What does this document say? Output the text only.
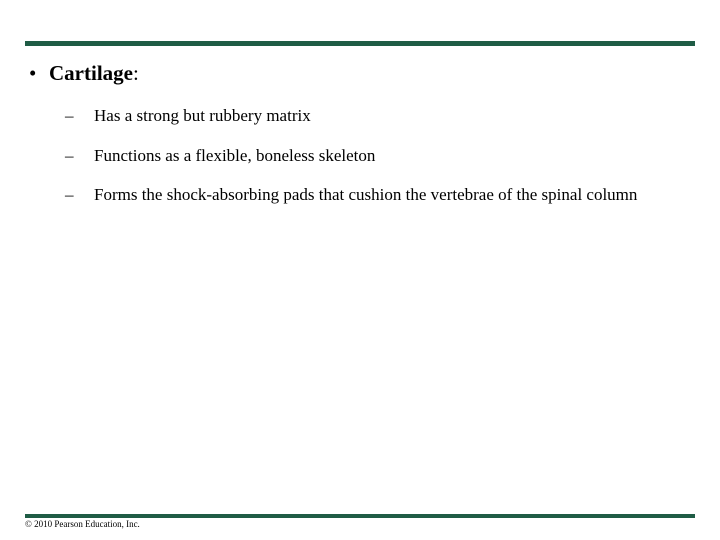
• Cartilage:
–	Has a strong but rubbery matrix
–	Functions as a flexible, boneless skeleton
–	Forms the shock-absorbing pads that cushion the vertebrae of the spinal column
© 2010 Pearson Education, Inc.
